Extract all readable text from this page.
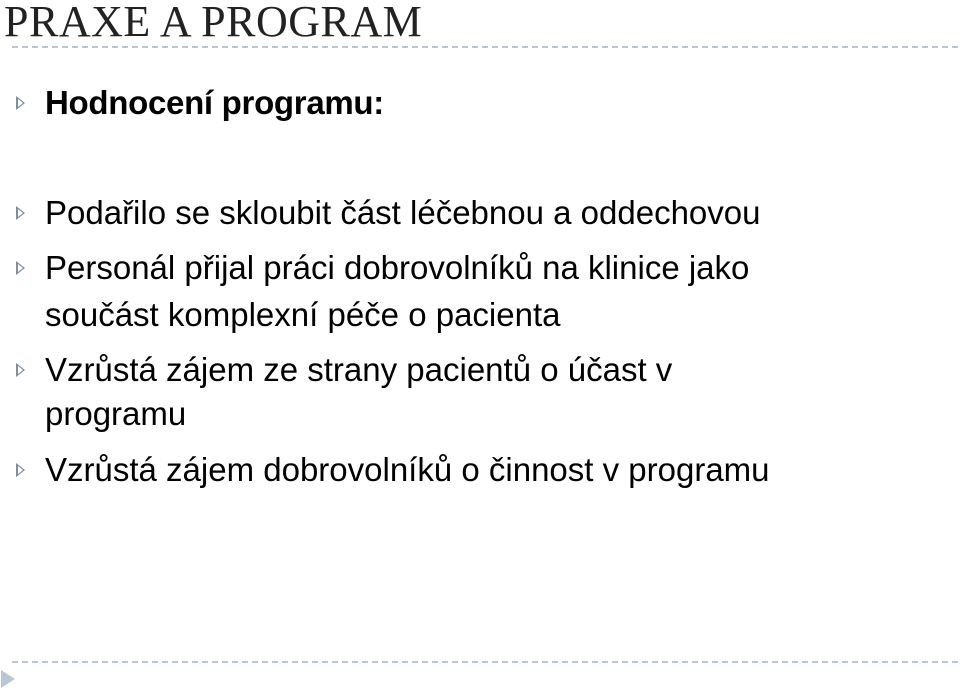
PRAXE A PROGRAM
Hodnocení programu:
Podařilo se skloubit část léčebnou a oddechovou
Personál přijal práci dobrovolníků na klinice jako
součást komplexní péče o pacienta
Vzrůstá zájem ze strany pacientů o účast v
programu
Vzrůstá zájem dobrovolníků o činnost v programu
